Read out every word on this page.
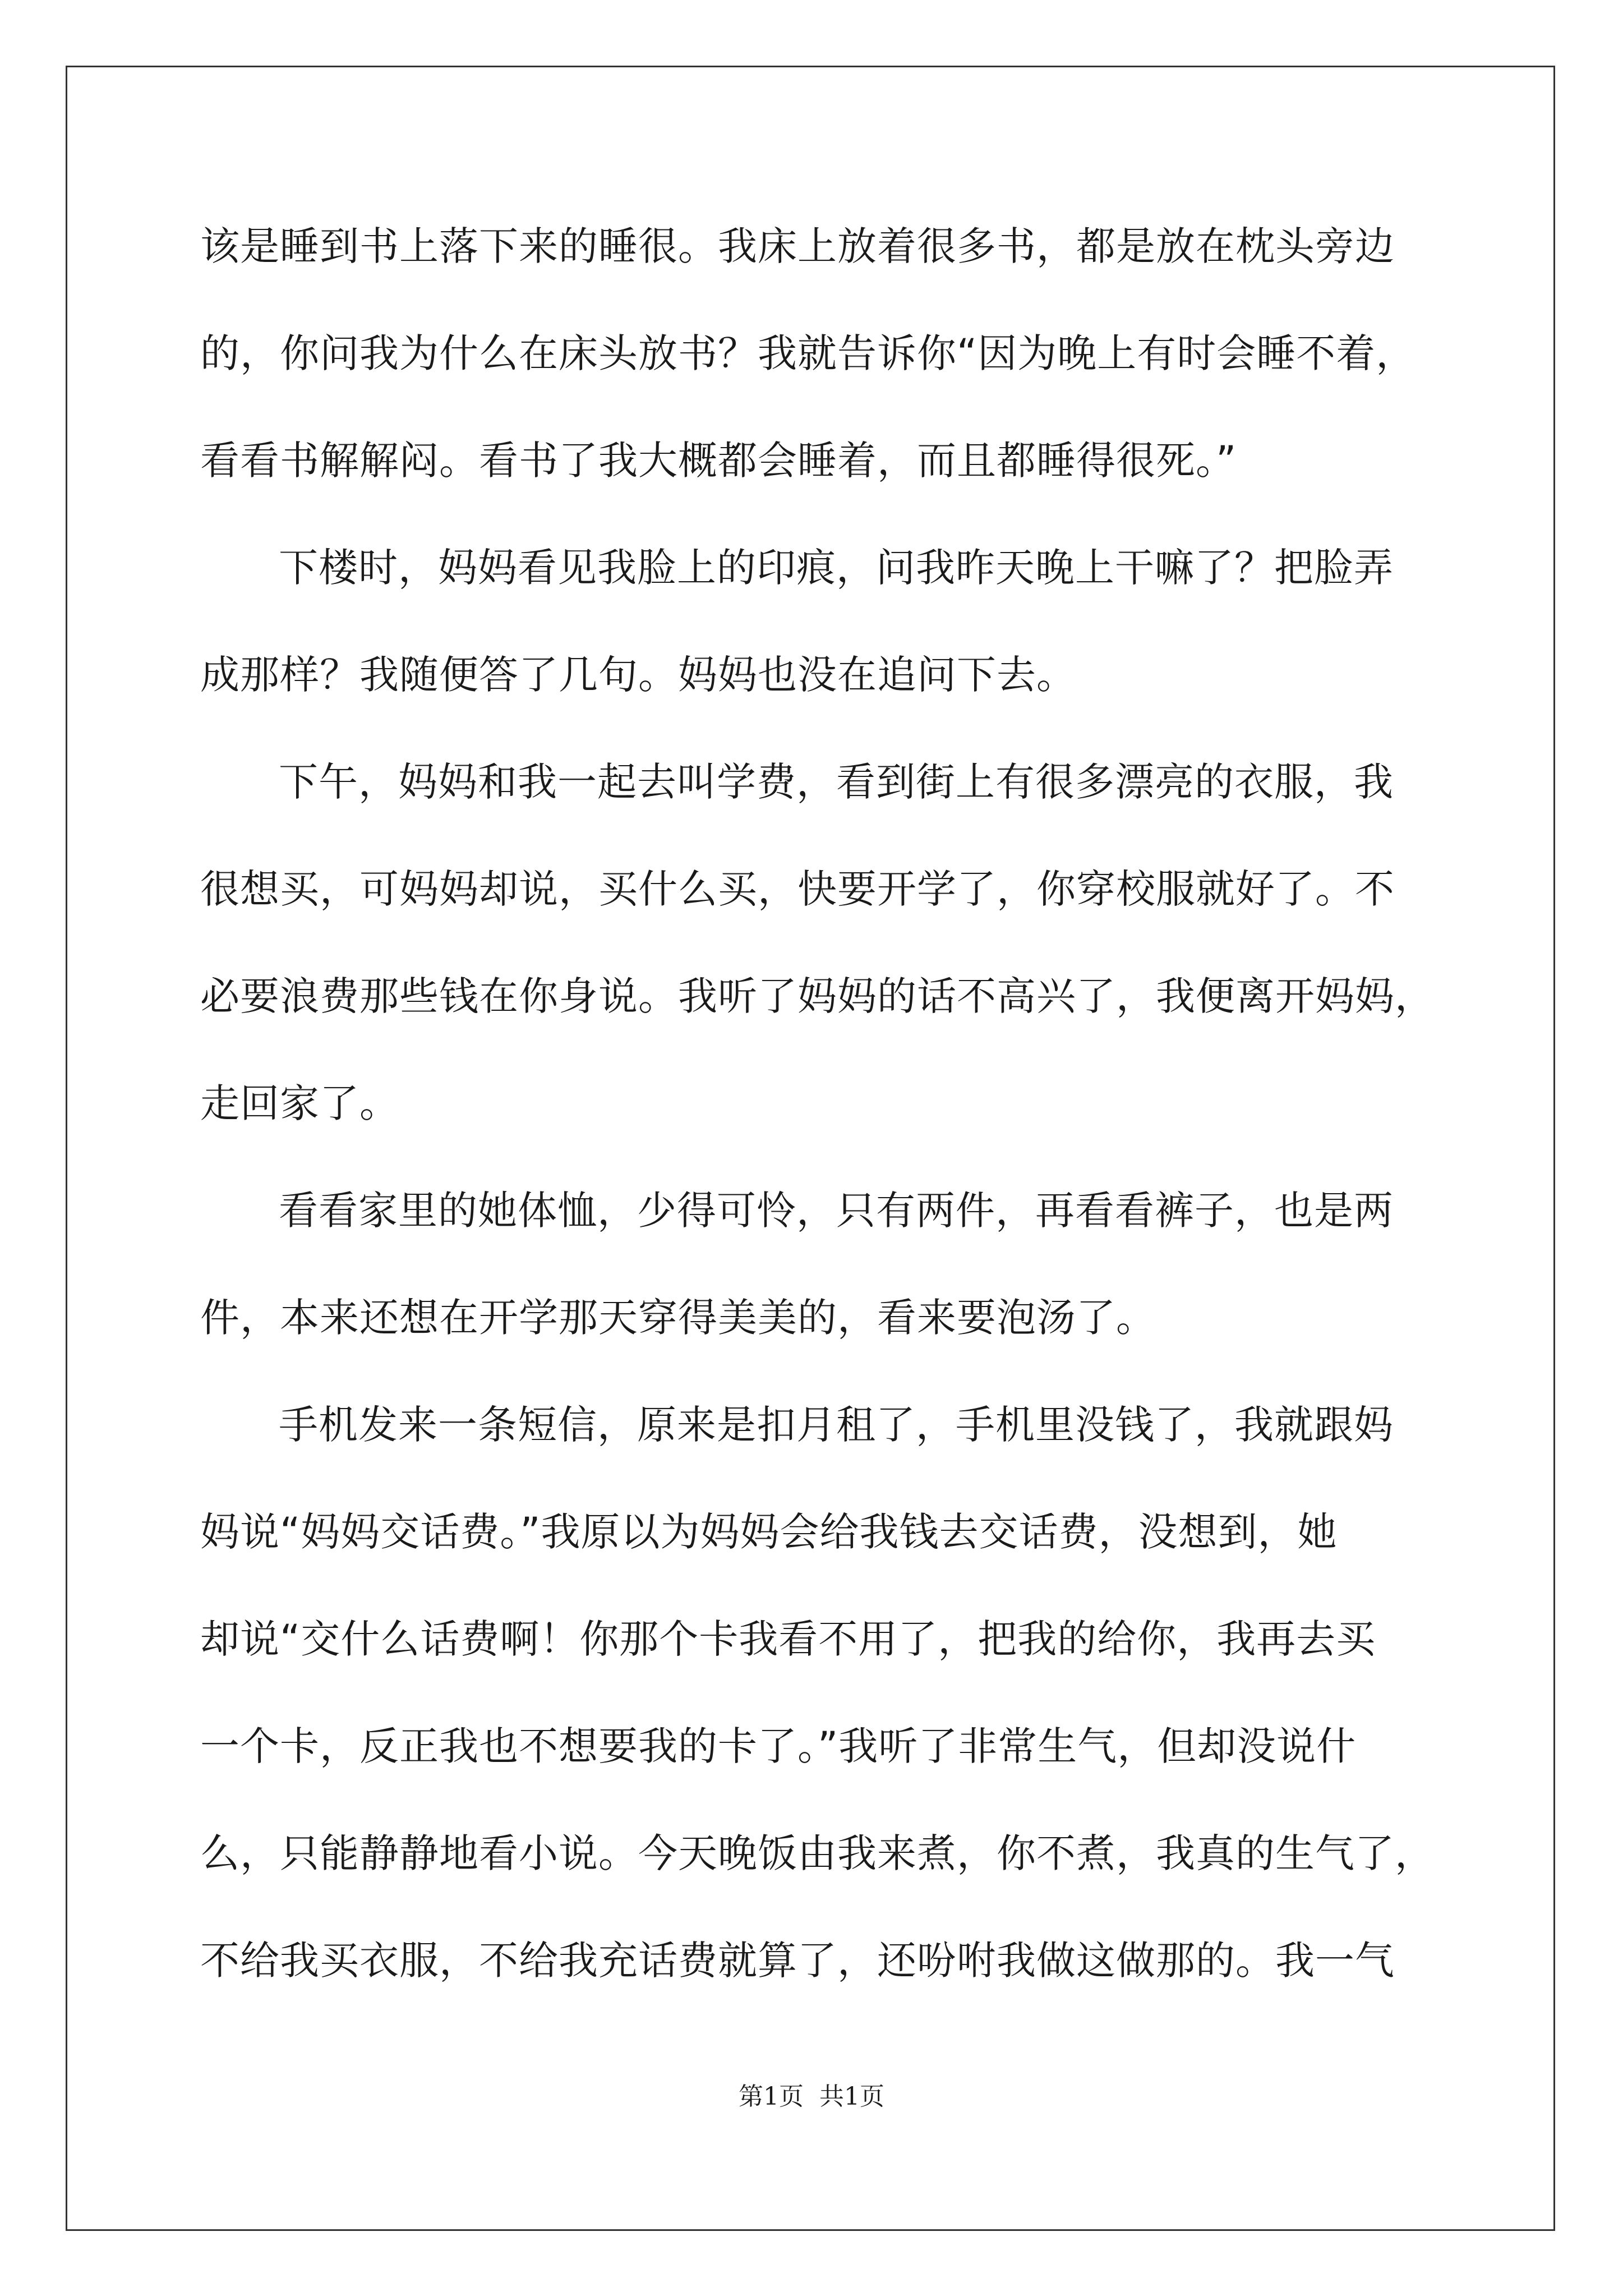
该是睡到书上落下来的睡很。我床上放着很多书，都是放在枕头旁边
的，你问我为什么在床头放书？我就告诉你“因为晚上有时会睡不着，
看看书解解闷。看书了我大概都会睡着，而且都睡得很死。”
下楼时，妈妈看见我脸上的印痕，问我昨天晚上干嘛了？把脸弄
成那样？我随便答了几句。妈妈也没在追问下去。
下午，妈妈和我一起去叫学费，看到街上有很多漂亮的衣服，我
很想买，可妈妈却说，买什么买，快要开学了，你穿校服就好了。不
必要浪费那些钱在你身说。我听了妈妈的话不高兴了，我便离开妈妈，
走回家了。
看看家里的她体恤，少得可怜，只有两件，再看看裤子，也是两
件，本来还想在开学那天穿得美美的，看来要泡汤了。
手机发来一条短信，原来是扣月租了，手机里没钱了，我就跟妈
妈说“妈妈交话费。”我原以为妈妈会给我钱去交话费，没想到，她
却说“交什么话费啊！你那个卡我看不用了，把我的给你，我再去买
一个卡，反正我也不想要我的卡了。”我听了非常生气，但却没说什
么，只能静静地看小说。今天晚饭由我来煮，你不煮，我真的生气了，
不给我买衣服，不给我充话费就算了，还吩咐我做这做那的。我一气
第1页 共1页
